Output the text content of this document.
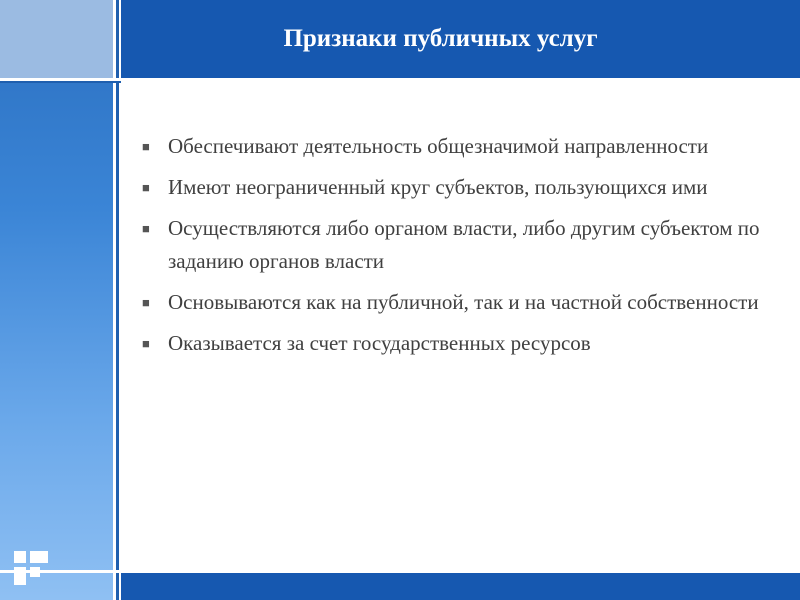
Признаки публичных услуг
■ Обеспечивают деятельность общезначимой направленности
■ Имеют неограниченный круг субъектов, пользующихся ими
■ Осуществляются либо органом власти, либо другим субъектом по заданию органов власти
■ Основываются как на публичной, так и на частной собственности
■ Оказывается за счет государственных ресурсов
